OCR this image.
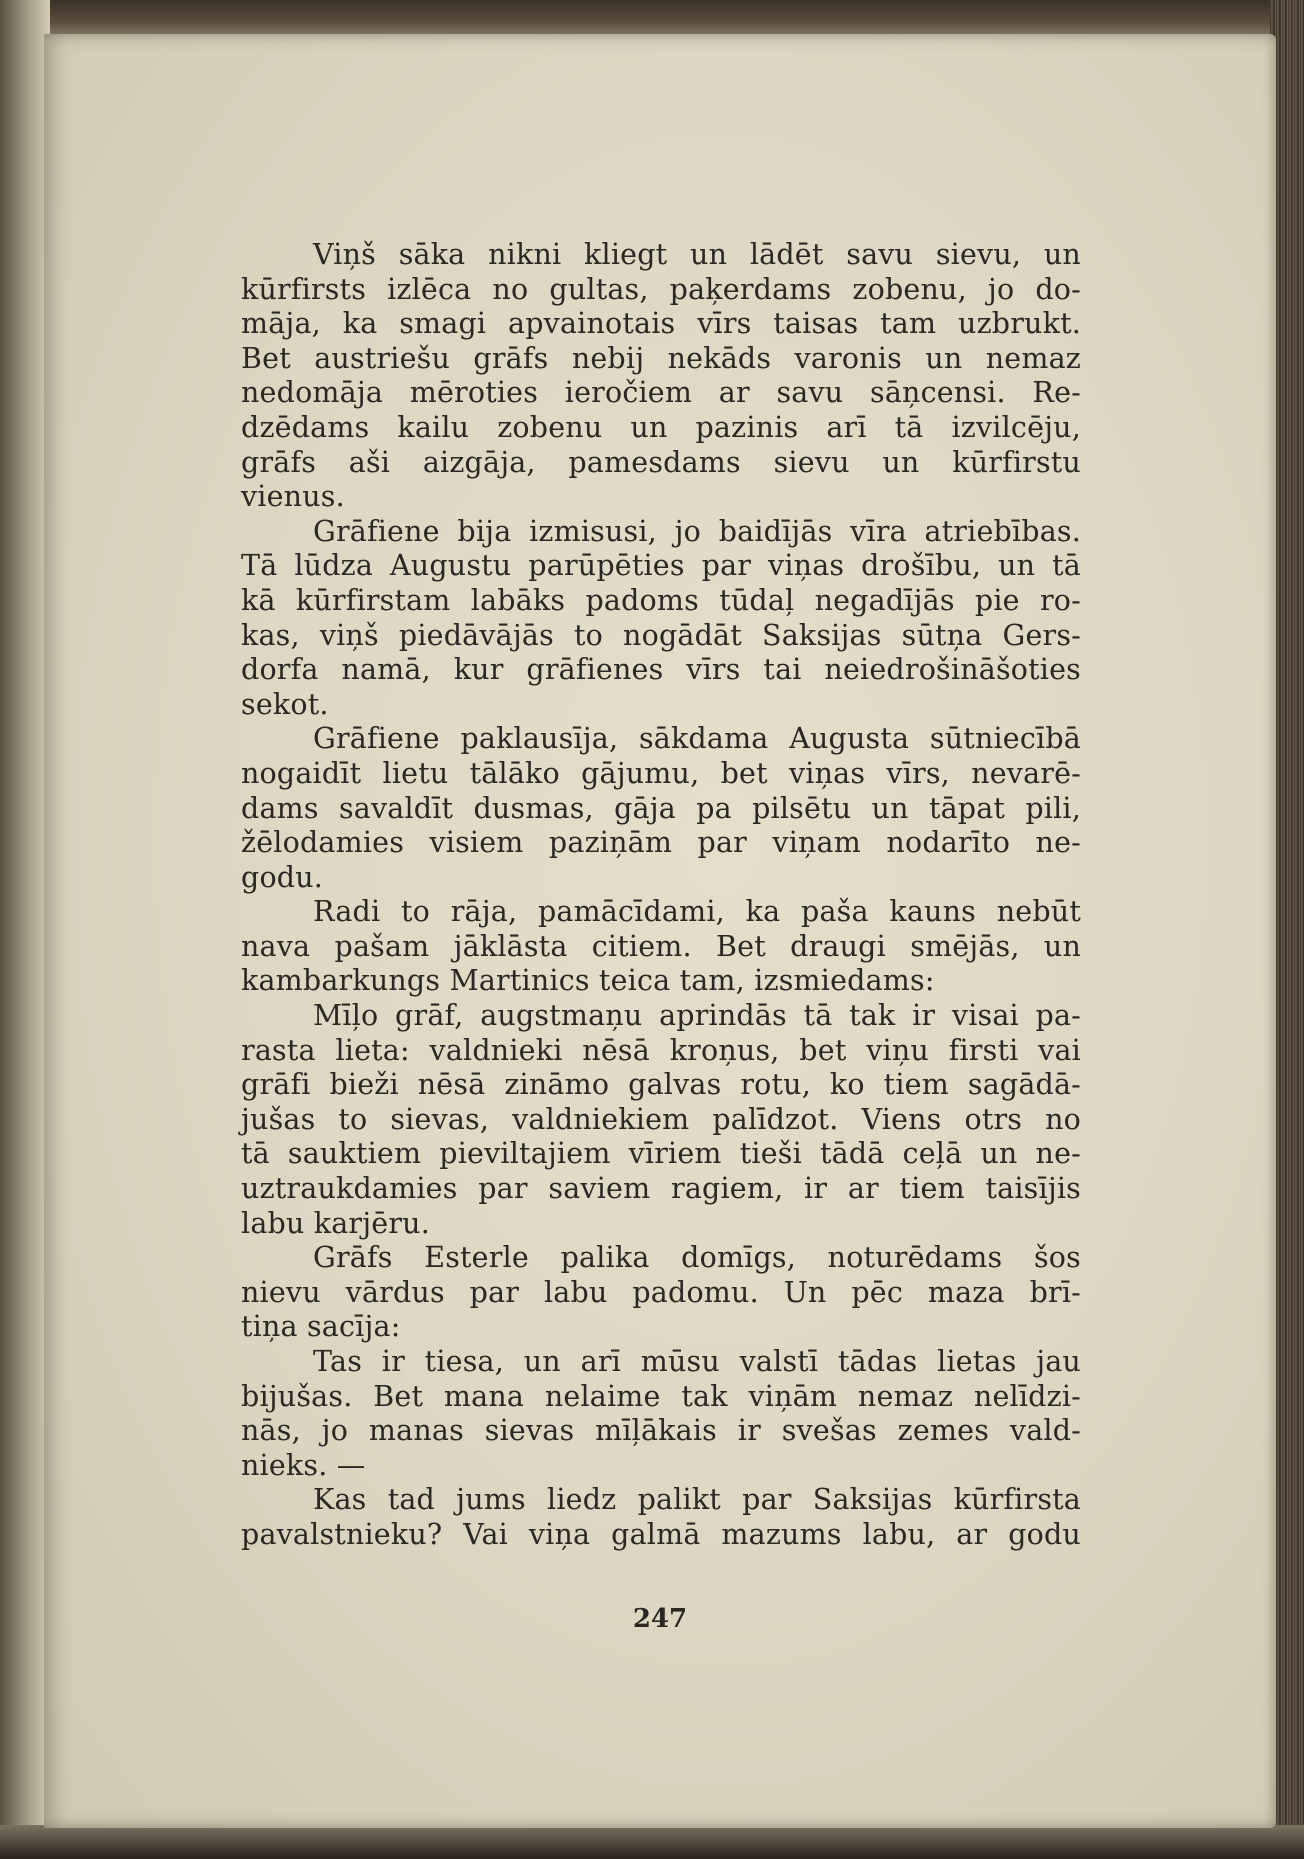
Viņš sāka nikni kliegt un lādēt savu sievu, un
kūrfirsts izlēca no gultas, paķerdams zobenu, jo do-
māja, ka smagi apvainotais vīrs taisas tam uzbrukt.
Bet austriešu grāfs nebij nekāds varonis un nemaz
nedomāja mēroties ieročiem ar savu sāņcensi. Re-
dzēdams kailu zobenu un pazinis arī tā izvilcēju,
grāfs aši aizgāja, pamesdams sievu un kūrfirstu
vienus.
Grāfiene bija izmisusi, jo baidījās vīra atriebības.
Tā lūdza Augustu parūpēties par viņas drošību, un tā
kā kūrfirstam labāks padoms tūdaļ negadījās pie ro-
kas, viņš piedāvājās to nogādāt Saksijas sūtņa Gers-
dorfa namā, kur grāfienes vīrs tai neiedrošināšoties
sekot.
Grāfiene paklausīja, sākdama Augusta sūtniecībā
nogaidīt lietu tālāko gājumu, bet viņas vīrs, nevarē-
dams savaldīt dusmas, gāja pa pilsētu un tāpat pili,
žēlodamies visiem paziņām par viņam nodarīto ne-
godu.
Radi to rāja, pamācīdami, ka paša kauns nebūt
nava pašam jāklāsta citiem. Bet draugi smējās, un
kambarkungs Martinics teica tam, izsmiedams:
Mīļo grāf, augstmaņu aprindās tā tak ir visai pa-
rasta lieta: valdnieki nēsā kroņus, bet viņu firsti vai
grāfi bieži nēsā zināmo galvas rotu, ko tiem sagādā-
jušas to sievas, valdniekiem palīdzot. Viens otrs no
tā sauktiem pieviltajiem vīriem tieši tādā ceļā un ne-
uztraukdamies par saviem ragiem, ir ar tiem taisījis
labu karjēru.
Grāfs Esterle palika domīgs, noturēdams šos
nievu vārdus par labu padomu. Un pēc maza brī-
tiņa sacīja:
Tas ir tiesa, un arī mūsu valstī tādas lietas jau
bijušas. Bet mana nelaime tak viņām nemaz nelīdzi-
nās, jo manas sievas mīļākais ir svešas zemes vald-
nieks. —
Kas tad jums liedz palikt par Saksijas kūrfirsta
pavalstnieku? Vai viņa galmā mazums labu, ar godu
247
